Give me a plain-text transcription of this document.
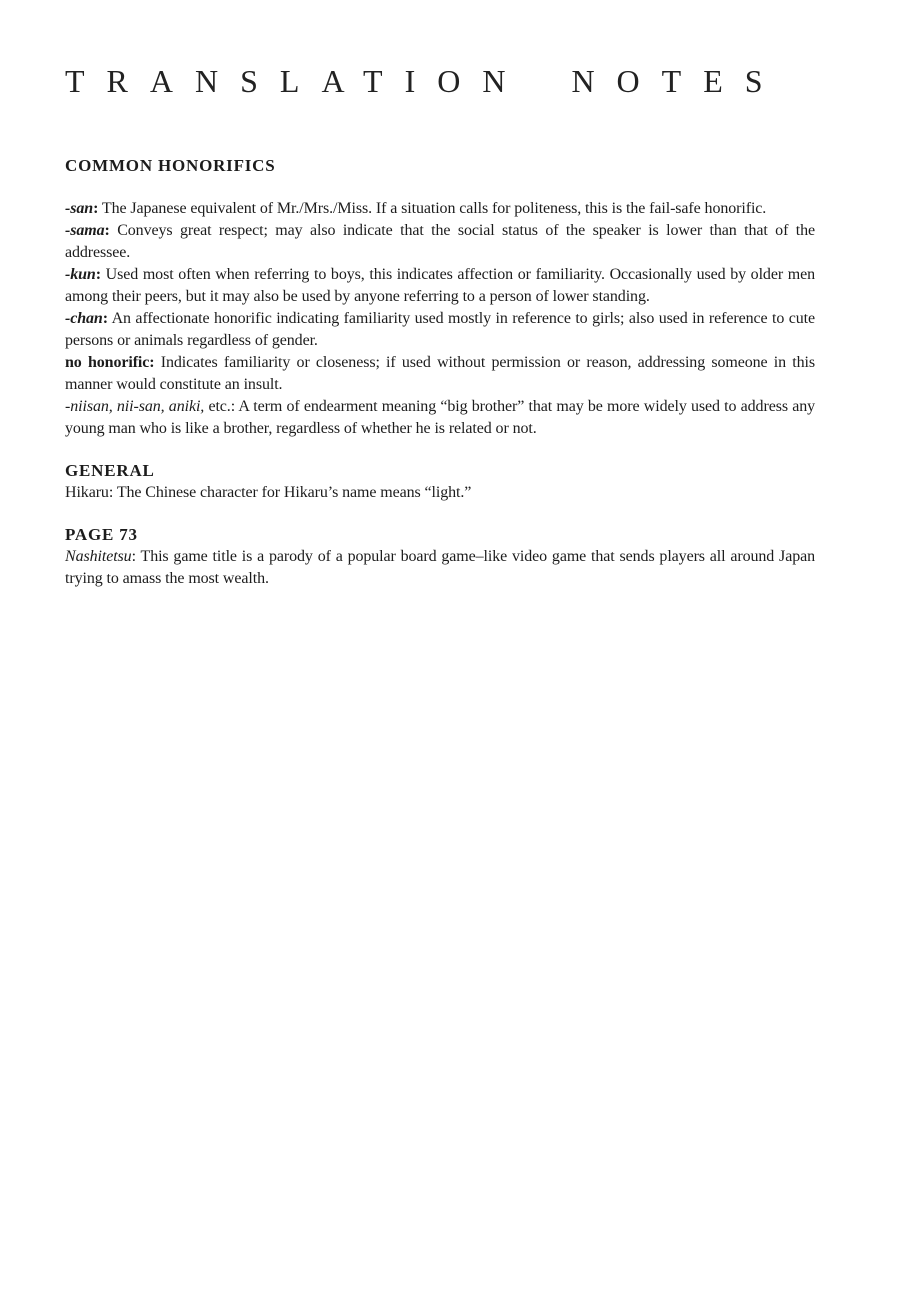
TRANSLATION NOTES
COMMON HONORIFICS

-san: The Japanese equivalent of Mr./Mrs./Miss. If a situation calls for politeness, this is the fail-safe honorific.

-sama: Conveys great respect; may also indicate that the social status of the speaker is lower than that of the addressee.

-kun: Used most often when referring to boys, this indicates affection or familiarity. Occasionally used by older men among their peers, but it may also be used by anyone referring to a person of lower standing.

-chan: An affectionate honorific indicating familiarity used mostly in reference to girls; also used in reference to cute persons or animals regardless of gender.

no honorific: Indicates familiarity or closeness; if used without permission or reason, addressing someone in this manner would constitute an insult.

-niisan, nii-san, aniki, etc.: A term of endearment meaning “big brother” that may be more widely used to address any young man who is like a brother, regardless of whether he is related or not.

GENERAL

Hikaru: The Chinese character for Hikaru’s name means “light.”

PAGE 73

Nashitetsu: This game title is a parody of a popular board game–like video game that sends players all around Japan trying to amass the most wealth.
